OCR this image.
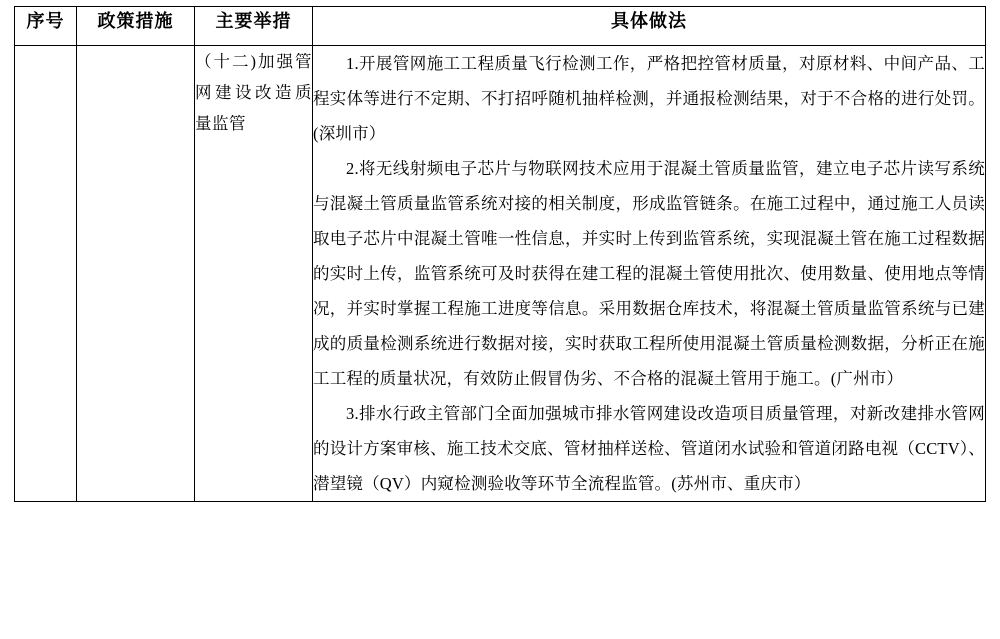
序号	政策措施	主要举措	具体做法

		（十二)加强管网建设改造质量监管	1.开展管网施工工程质量飞行检测工作，严格把控管材质量，对原材料、中间产品、工程实体等进行不定期、不打招呼随机抽样检测，并通报检测结果，对于不合格的进行处罚。(深圳市）

2.将无线射频电子芯片与物联网技术应用于混凝土管质量监管，建立电子芯片读写系统与混凝土管质量监管系统对接的相关制度，形成监管链条。在施工过程中，通过施工人员读取电子芯片中混凝土管唯一性信息，并实时上传到监管系统，实现混凝土管在施工过程数据的实时上传，监管系统可及时获得在建工程的混凝土管使用批次、使用数量、使用地点等情况，并实时掌握工程施工进度等信息。采用数据仓库技术，将混凝土管质量监管系统与已建成的质量检测系统进行数据对接，实时获取工程所使用混凝土管质量检测数据，分析正在施工工程的质量状况，有效防止假冒伪劣、不合格的混凝土管用于施工。(广州市）

3.排水行政主管部门全面加强城市排水管网建设改造项目质量管理，对新改建排水管网的设计方案审核、施工技术交底、管材抽样送检、管道闭水试验和管道闭路电视（CCTV）、潜望镜（QV）内窥检测验收等环节全流程监管。(苏州市、重庆市）
